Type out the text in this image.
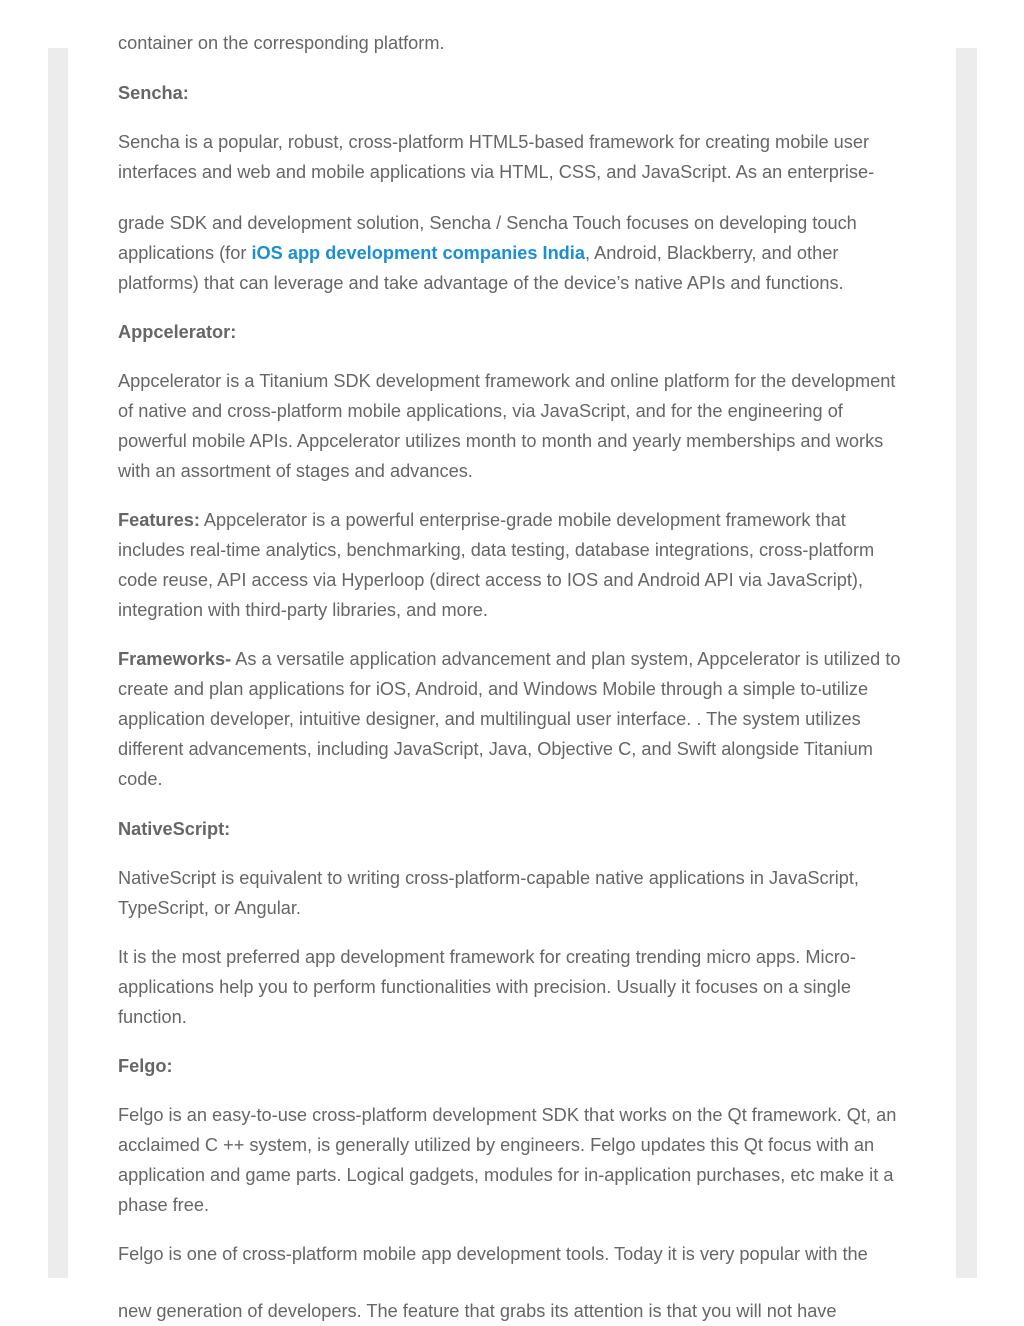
container on the corresponding platform.

Sencha:

Sencha is a popular, robust, cross-platform HTML5-based framework for creating mobile user interfaces and web and mobile applications via HTML, CSS, and JavaScript. As an enterprise-

grade SDK and development solution, Sencha / Sencha Touch focuses on developing touch applications (for iOS app development companies India, Android, Blackberry, and other platforms) that can leverage and take advantage of the device’s native APIs and functions.

Appcelerator:

Appcelerator is a Titanium SDK development framework and online platform for the development of native and cross-platform mobile applications, via JavaScript, and for the engineering of powerful mobile APIs. Appcelerator utilizes month to month and yearly memberships and works with an assortment of stages and advances.

Features: Appcelerator is a powerful enterprise-grade mobile development framework that includes real-time analytics, benchmarking, data testing, database integrations, cross-platform code reuse, API access via Hyperloop (direct access to IOS and Android API via JavaScript), integration with third-party libraries, and more.

Frameworks- As a versatile application advancement and plan system, Appcelerator is utilized to create and plan applications for iOS, Android, and Windows Mobile through a simple to-utilize application developer, intuitive designer, and multilingual user interface. . The system utilizes different advancements, including JavaScript, Java, Objective C, and Swift alongside Titanium code.

NativeScript:

NativeScript is equivalent to writing cross-platform-capable native applications in JavaScript, TypeScript, or Angular.

It is the most preferred app development framework for creating trending micro apps. Micro-applications help you to perform functionalities with precision. Usually it focuses on a single function.

Felgo:

Felgo is an easy-to-use cross-platform development SDK that works on the Qt framework. Qt, an acclaimed C ++ system, is generally utilized by engineers. Felgo updates this Qt focus with an application and game parts. Logical gadgets, modules for in-application purchases, etc make it a phase free.

Felgo is one of cross-platform mobile app development tools. Today it is very popular with the

new generation of developers. The feature that grabs its attention is that you will not have
